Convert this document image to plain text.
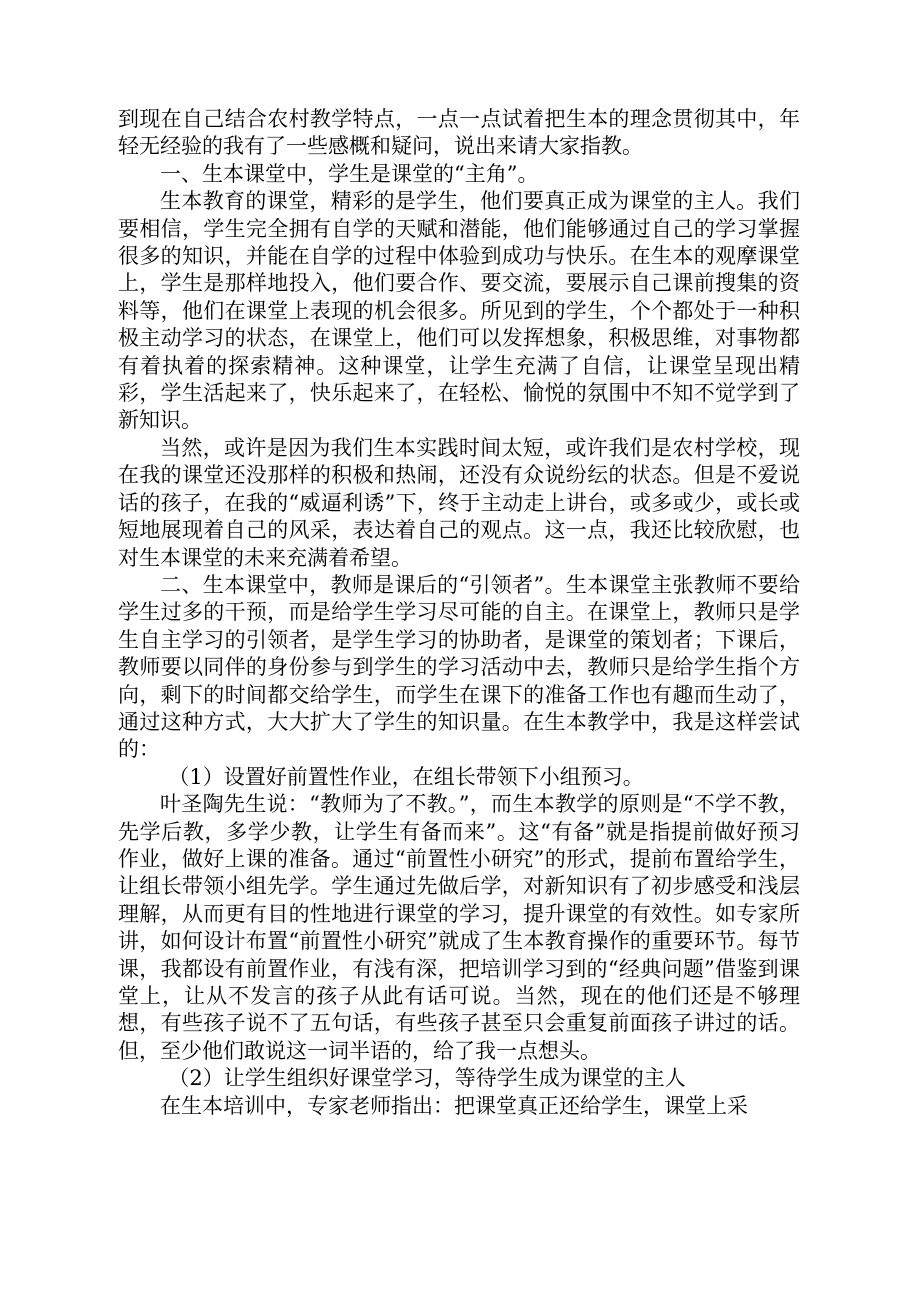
到现在自己结合农村教学特点，一点一点试着把生本的理念贯彻其中，年轻无经验的我有了一些感概和疑问，说出来请大家指教。

一、生本课堂中，学生是课堂的“主角”。

生本教育的课堂，精彩的是学生，他们要真正成为课堂的主人。我们要相信，学生完全拥有自学的天赋和潜能，他们能够通过自己的学习掌握很多的知识，并能在自学的过程中体验到成功与快乐。在生本的观摩课堂上，学生是那样地投入，他们要合作、要交流，要展示自己课前搜集的资料等，他们在课堂上表现的机会很多。所见到的学生，个个都处于一种积极主动学习的状态，在课堂上，他们可以发挥想象，积极思维，对事物都有着执着的探索精神。这种课堂，让学生充满了自信，让课堂呈现出精彩，学生活起来了，快乐起来了，在轻松、愉悦的氛围中不知不觉学到了新知识。

当然，或许是因为我们生本实践时间太短，或许我们是农村学校，现在我的课堂还没那样的积极和热闹，还没有众说纷纭的状态。但是不爱说话的孩子，在我的“威逼利诱”下，终于主动走上讲台，或多或少，或长或短地展现着自己的风采，表达着自己的观点。这一点，我还比较欣慰，也对生本课堂的未来充满着希望。

二、生本课堂中，教师是课后的“引领者”。生本课堂主张教师不要给学生过多的干预，而是给学生学习尽可能的自主。在课堂上，教师只是学生自主学习的引领者，是学生学习的协助者，是课堂的策划者；下课后，教师要以同伴的身份参与到学生的学习活动中去，教师只是给学生指个方向，剩下的时间都交给学生，而学生在课下的准备工作也有趣而生动了，通过这种方式，大大扩大了学生的知识量。在生本教学中，我是这样尝试的：

（1）设置好前置性作业，在组长带领下小组预习。

叶圣陶先生说：“教师为了不教。”，而生本教学的原则是“不学不教，先学后教，多学少教，让学生有备而来”。这“有备”就是指提前做好预习作业，做好上课的准备。通过“前置性小研究”的形式，提前布置给学生，让组长带领小组先学。学生通过先做后学，对新知识有了初步感受和浅层理解，从而更有目的性地进行课堂的学习，提升课堂的有效性。如专家所讲，如何设计布置“前置性小研究”就成了生本教育操作的重要环节。每节课，我都设有前置作业，有浅有深，把培训学习到的“经典问题”借鉴到课堂上，让从不发言的孩子从此有话可说。当然，现在的他们还是不够理想，有些孩子说不了五句话，有些孩子甚至只会重复前面孩子讲过的话。但，至少他们敢说这一词半语的，给了我一点想头。

（2）让学生组织好课堂学习，等待学生成为课堂的主人

在生本培训中，专家老师指出：把课堂真正还给学生，课堂上采
